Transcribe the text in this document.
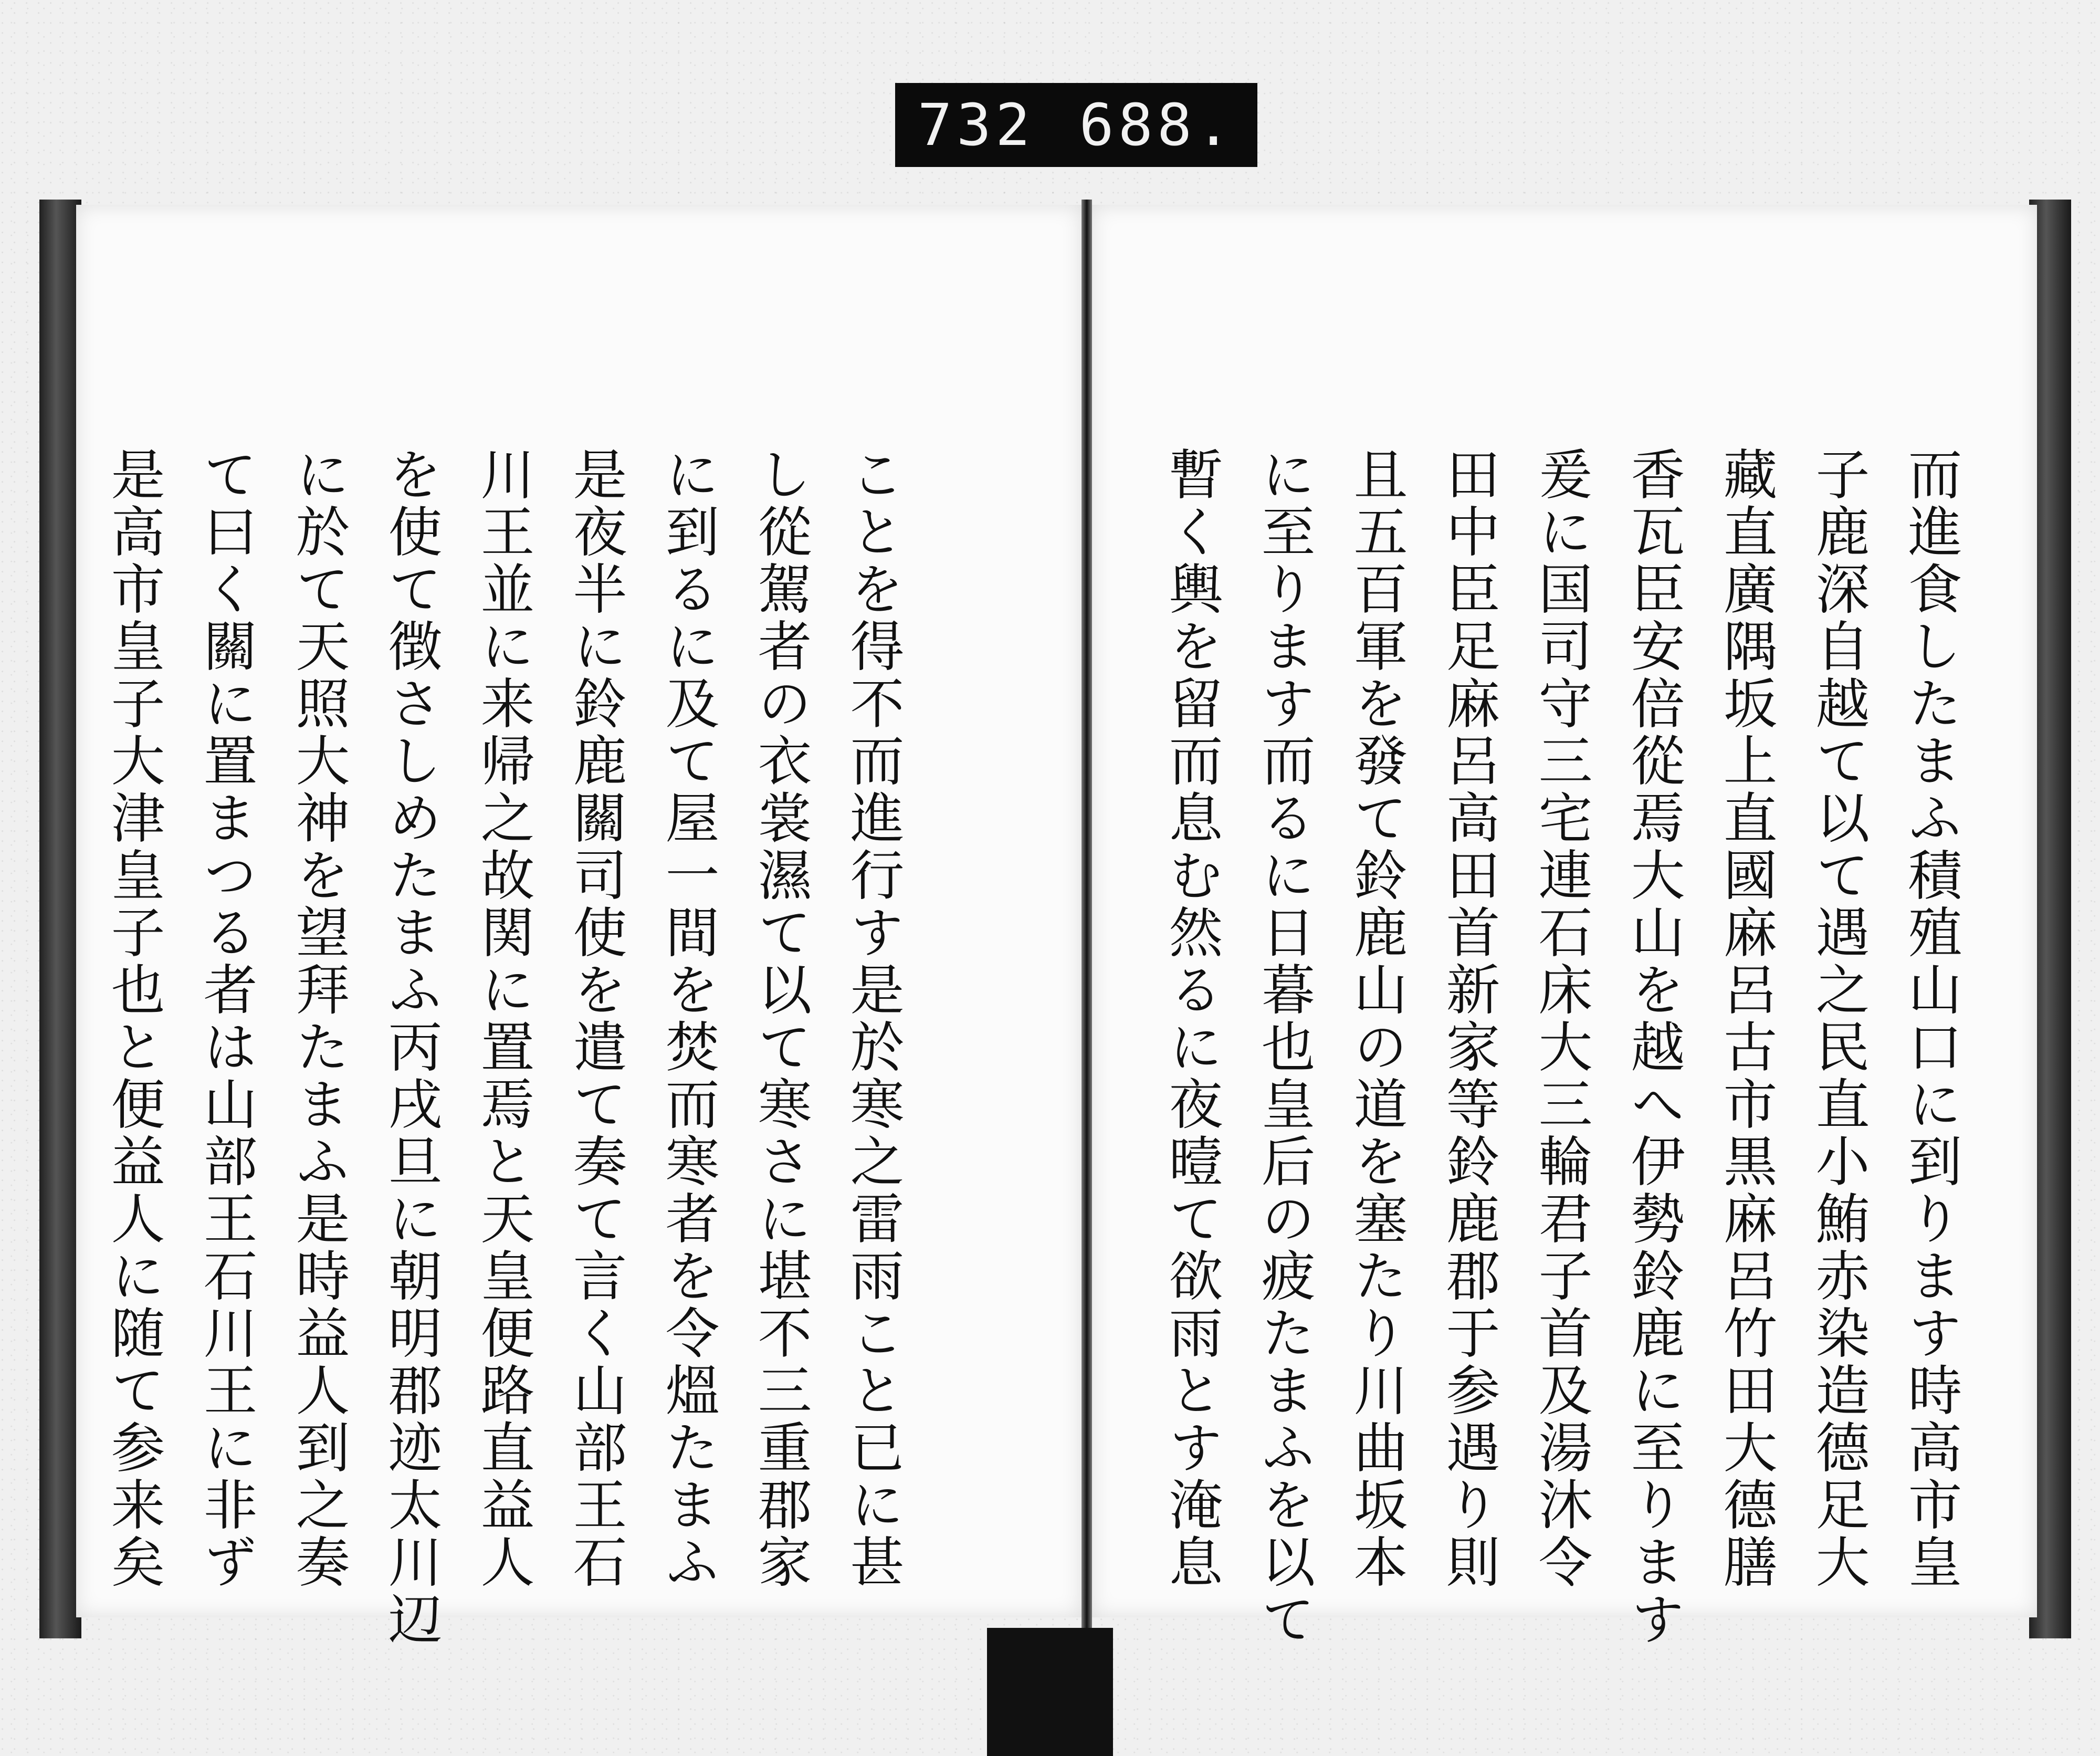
732 688.
ことを得不而進行す是於寒之雷雨こと已に甚
し從駕者の衣裳濕て以て寒さに堪不三重郡家
に到るに及て屋一間を焚而寒者を令熅たまふ
是夜半に鈴鹿關司使を遣て奏て言く山部王石
川王並に来帰之故関に置焉と天皇便路直益人
を使て徴さしめたまふ丙戌旦に朝明郡迹太川辺
に於て天照大神を望拜たまふ是時益人到之奏
て曰く關に置まつる者は山部王石川王に非ず
是高市皇子大津皇子也と便益人に随て参来矣	而進食したまふ積殖山口に到ります時高市皇
子鹿深自越て以て遇之民直小鮪赤染造德足大
藏直廣隅坂上直國麻呂古市黒麻呂竹田大德膳
香瓦臣安倍從焉大山を越へ伊勢鈴鹿に至ります
爰に国司守三宅連石床大三輪君子首及湯沐令
田中臣足麻呂高田首新家等鈴鹿郡于参遇り則
且五百軍を發て鈴鹿山の道を塞たり川曲坂本
に至ります而るに日暮也皇后の疲たまふを以て
暫く輿を留而息む然るに夜曀て欲雨とす淹息
